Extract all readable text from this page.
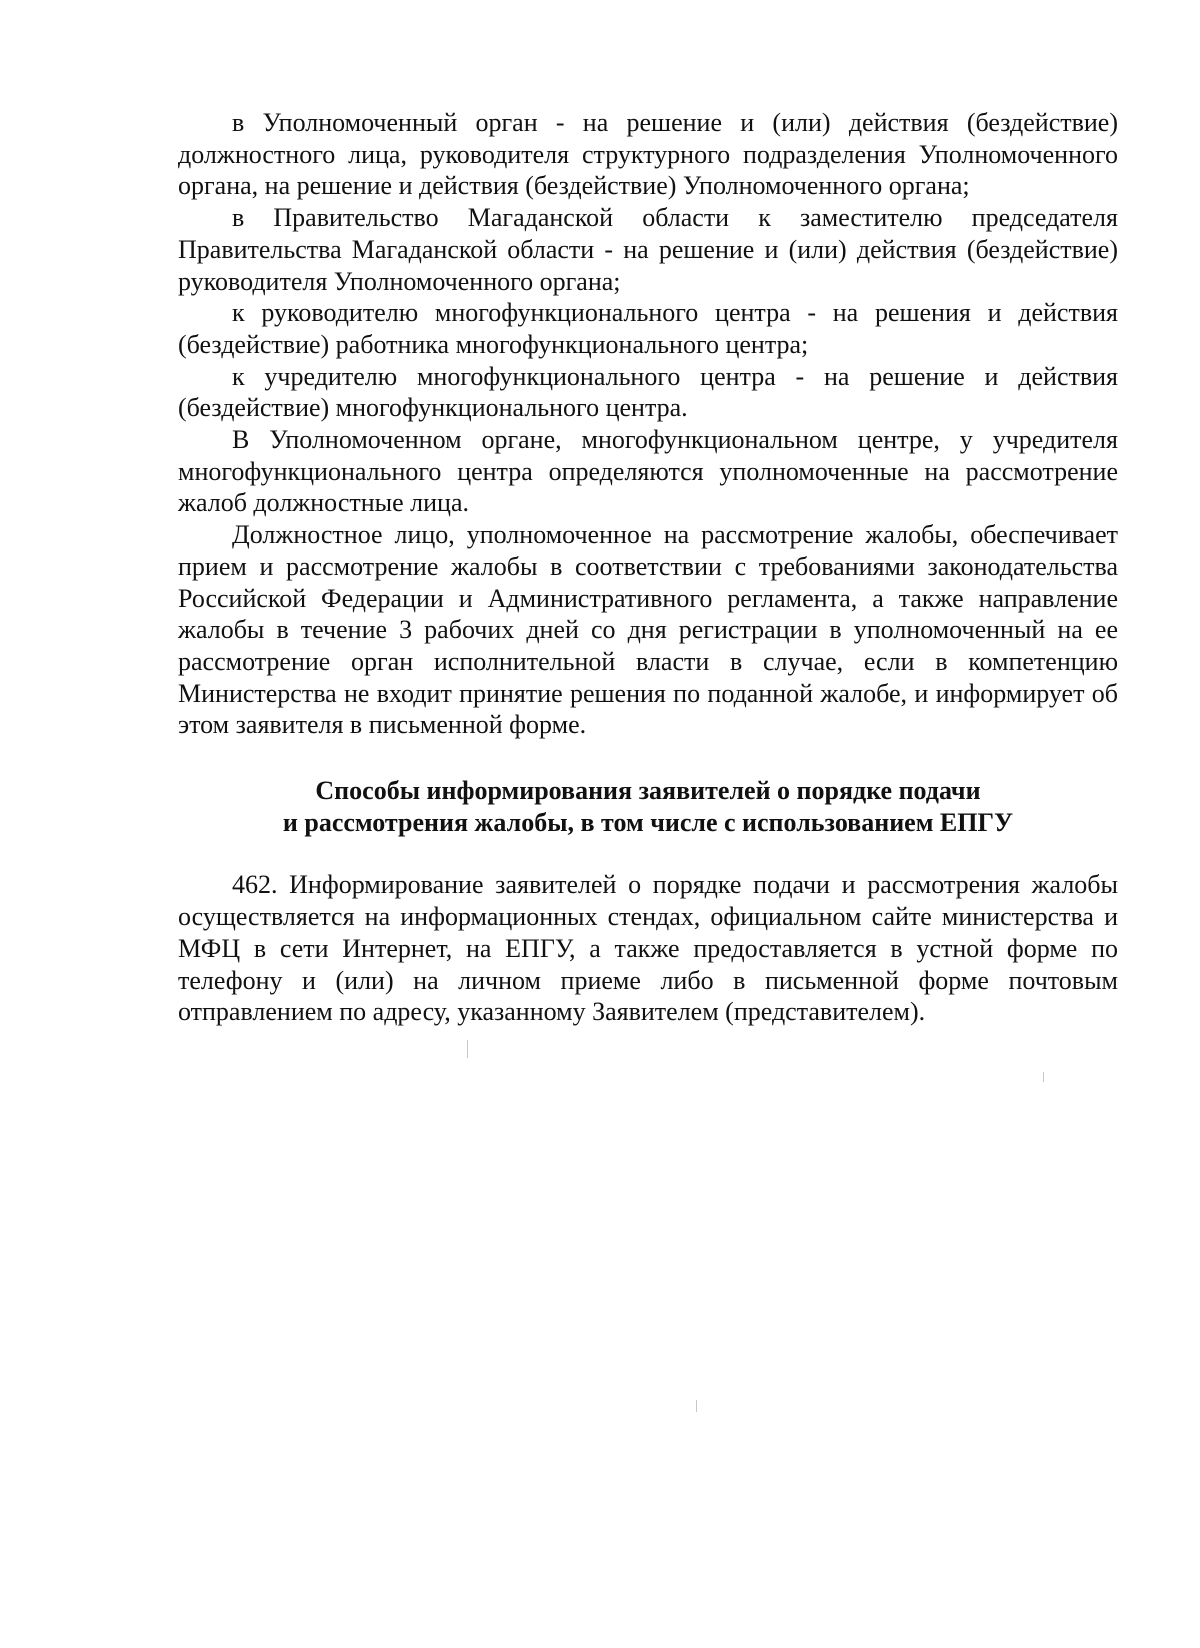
в Уполномоченный орган - на решение и (или) действия (бездействие) должностного лица, руководителя структурного подразделения Уполномоченного органа, на решение и действия (бездействие) Уполномоченного органа;

в Правительство Магаданской области к заместителю председателя Правительства Магаданской области - на решение и (или) действия (бездействие) руководителя Уполномоченного органа;

к руководителю многофункционального центра - на решения и действия (бездействие) работника многофункционального центра;

к учредителю многофункционального центра - на решение и действия (бездействие) многофункционального центра.

В Уполномоченном органе, многофункциональном центре, у учредителя многофункционального центра определяются уполномоченные на рассмотрение жалоб должностные лица.

Должностное лицо, уполномоченное на рассмотрение жалобы, обеспечивает прием и рассмотрение жалобы в соответствии с требованиями законодательства Российской Федерации и Административного регламента, а также направление жалобы в течение 3 рабочих дней со дня регистрации в уполномоченный на ее рассмотрение орган исполнительной власти в случае, если в компетенцию Министерства не входит принятие решения по поданной жалобе, и информирует об этом заявителя в письменной форме.

Способы информирования заявителей о порядке подачи
и рассмотрения жалобы, в том числе с использованием ЕПГУ

462. Информирование заявителей о порядке подачи и рассмотрения жалобы осуществляется на информационных стендах, официальном сайте министерства и МФЦ в сети Интернет, на ЕПГУ, а также предоставляется в устной форме по телефону и (или) на личном приеме либо в письменной форме почтовым отправлением по адресу, указанному Заявителем (представителем).
